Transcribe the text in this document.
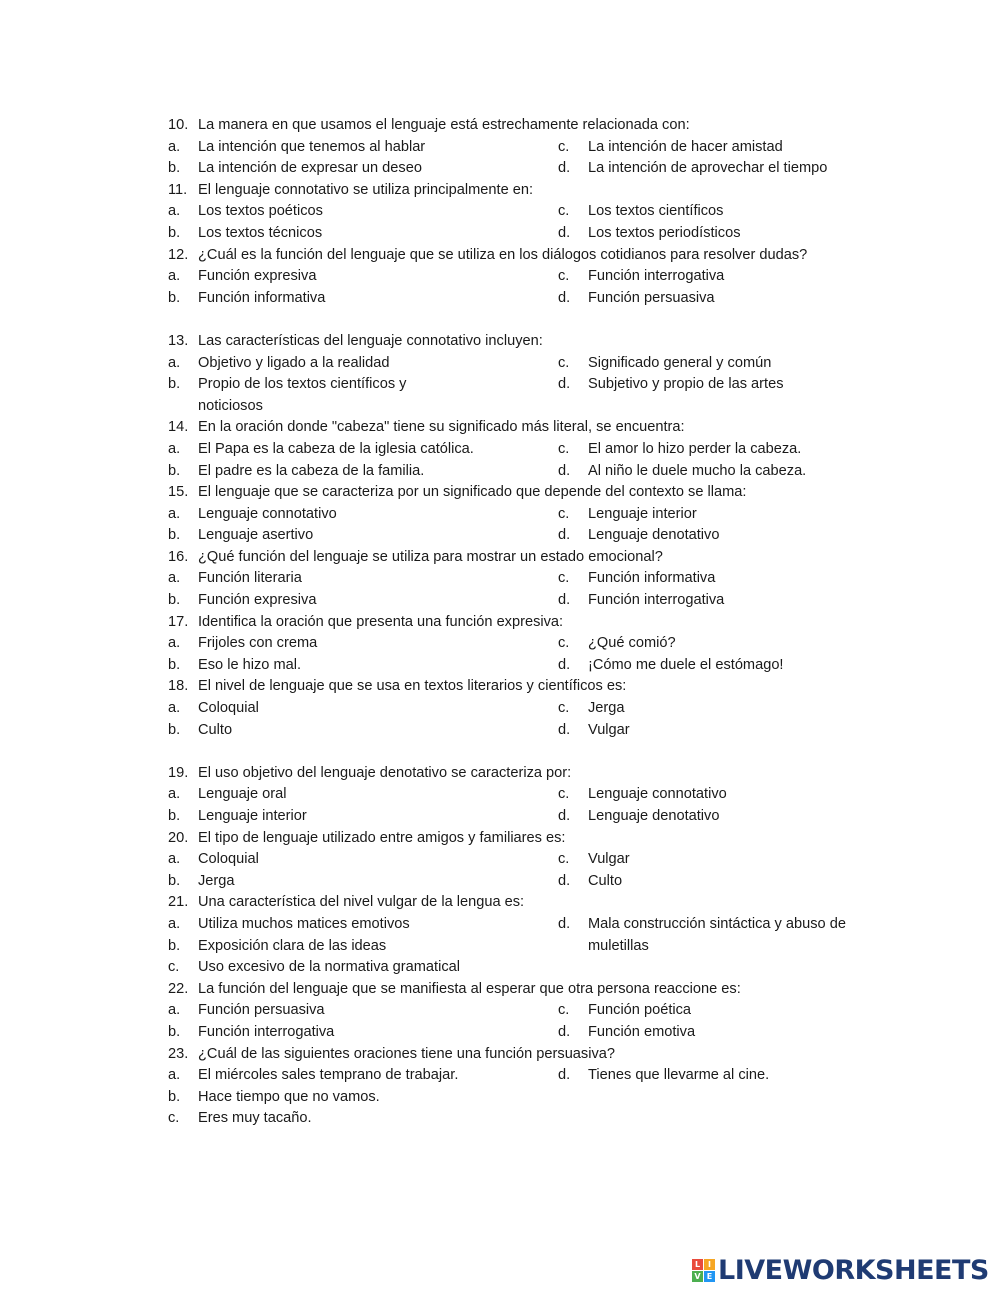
10. La manera en que usamos el lenguaje está estrechamente relacionada con:
a. La intención que tenemos al hablar	c. La intención de hacer amistad
b. La intención de expresar un deseo	d. La intención de aprovechar el tiempo
11. El lenguaje connotativo se utiliza principalmente en:
a. Los textos poéticos	c. Los textos científicos
b. Los textos técnicos	d. Los textos periodísticos
12. ¿Cuál es la función del lenguaje que se utiliza en los diálogos cotidianos para resolver dudas?
a. Función expresiva	c. Función interrogativa
b. Función informativa	d. Función persuasiva
13. Las características del lenguaje connotativo incluyen:
a. Objetivo y ligado a la realidad	c. Significado general y común
b. Propio de los textos científicos y	d. Subjetivo y propio de las artes
noticiosos
14. En la oración donde "cabeza" tiene su significado más literal, se encuentra:
a. El Papa es la cabeza de la iglesia católica.	c. El amor lo hizo perder la cabeza.
b. El padre es la cabeza de la familia.	d. Al niño le duele mucho la cabeza.
15. El lenguaje que se caracteriza por un significado que depende del contexto se llama:
a. Lenguaje connotativo	c. Lenguaje interior
b. Lenguaje asertivo	d. Lenguaje denotativo
16. ¿Qué función del lenguaje se utiliza para mostrar un estado emocional?
a. Función literaria	c. Función informativa
b. Función expresiva	d. Función interrogativa
17. Identifica la oración que presenta una función expresiva:
a. Frijoles con crema	c. ¿Qué comió?
b. Eso le hizo mal.	d. ¡Cómo me duele el estómago!
18. El nivel de lenguaje que se usa en textos literarios y científicos es:
a. Coloquial	c. Jerga
b. Culto	d. Vulgar
19. El uso objetivo del lenguaje denotativo se caracteriza por:
a. Lenguaje oral	c. Lenguaje connotativo
b. Lenguaje interior	d. Lenguaje denotativo
20. El tipo de lenguaje utilizado entre amigos y familiares es:
a. Coloquial	c. Vulgar
b. Jerga	d. Culto
21. Una característica del nivel vulgar de la lengua es:
a. Utiliza muchos matices emotivos	d. Mala construcción sintáctica y abuso de
b. Exposición clara de las ideas	muletillas
c. Uso excesivo de la normativa gramatical
22. La función del lenguaje que se manifiesta al esperar que otra persona reaccione es:
a. Función persuasiva	c. Función poética
b. Función interrogativa	d. Función emotiva
23. ¿Cuál de las siguientes oraciones tiene una función persuasiva?
a. El miércoles sales temprano de trabajar.	d. Tienes que llevarme al cine.
b. Hace tiempo que no vamos.
c. Eres muy tacaño.
L I
V E LIVEWORKSHEETS
